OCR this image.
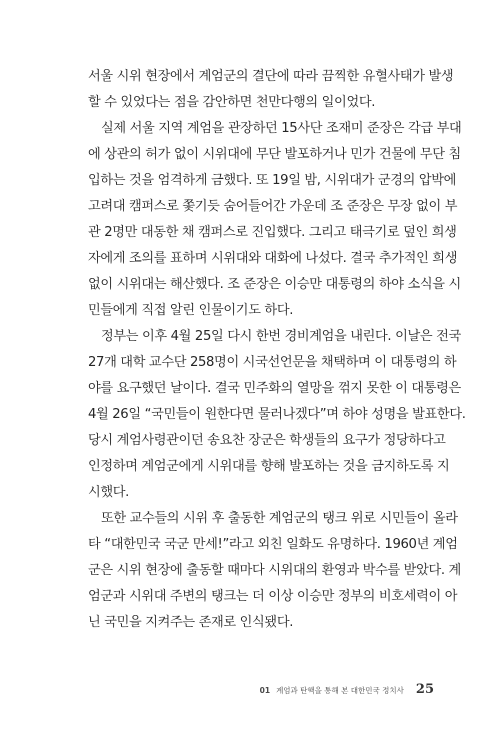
서울 시위 현장에서 계엄군의 결단에 따라 끔찍한 유혈사태가 발생
할 수 있었다는 점을 감안하면 천만다행의 일이었다.
실제 서울 지역 계엄을 관장하던 15사단 조재미 준장은 각급 부대
에 상관의 허가 없이 시위대에 무단 발포하거나 민가 건물에 무단 침
입하는 것을 엄격하게 금했다. 또 19일 밤, 시위대가 군경의 압박에
고려대 캠퍼스로 쫓기듯 숨어들어간 가운데 조 준장은 무장 없이 부
관 2명만 대동한 채 캠퍼스로 진입했다. 그리고 태극기로 덮인 희생
자에게 조의를 표하며 시위대와 대화에 나섰다. 결국 추가적인 희생
없이 시위대는 해산했다. 조 준장은 이승만 대통령의 하야 소식을 시
민들에게 직접 알린 인물이기도 하다.
정부는 이후 4월 25일 다시 한번 경비계엄을 내린다. 이날은 전국
27개 대학 교수단 258명이 시국선언문을 채택하며 이 대통령의 하
야를 요구했던 날이다. 결국 민주화의 열망을 꺾지 못한 이 대통령은
4월 26일 “국민들이 원한다면 물러나겠다”며 하야 성명을 발표한다.
당시 계엄사령관이던 송요찬 장군은 학생들의 요구가 정당하다고
인정하며 계엄군에게 시위대를 향해 발포하는 것을 금지하도록 지
시했다.
또한 교수들의 시위 후 출동한 계엄군의 탱크 위로 시민들이 올라
타 “대한민국 국군 만세!”라고 외친 일화도 유명하다. 1960년 계엄
군은 시위 현장에 출동할 때마다 시위대의 환영과 박수를 받았다. 계
엄군과 시위대 주변의 탱크는 더 이상 이승만 정부의 비호세력이 아
닌 국민을 지켜주는 존재로 인식됐다.
01 계엄과 탄핵을 통해 본 대한민국 정치사 25
